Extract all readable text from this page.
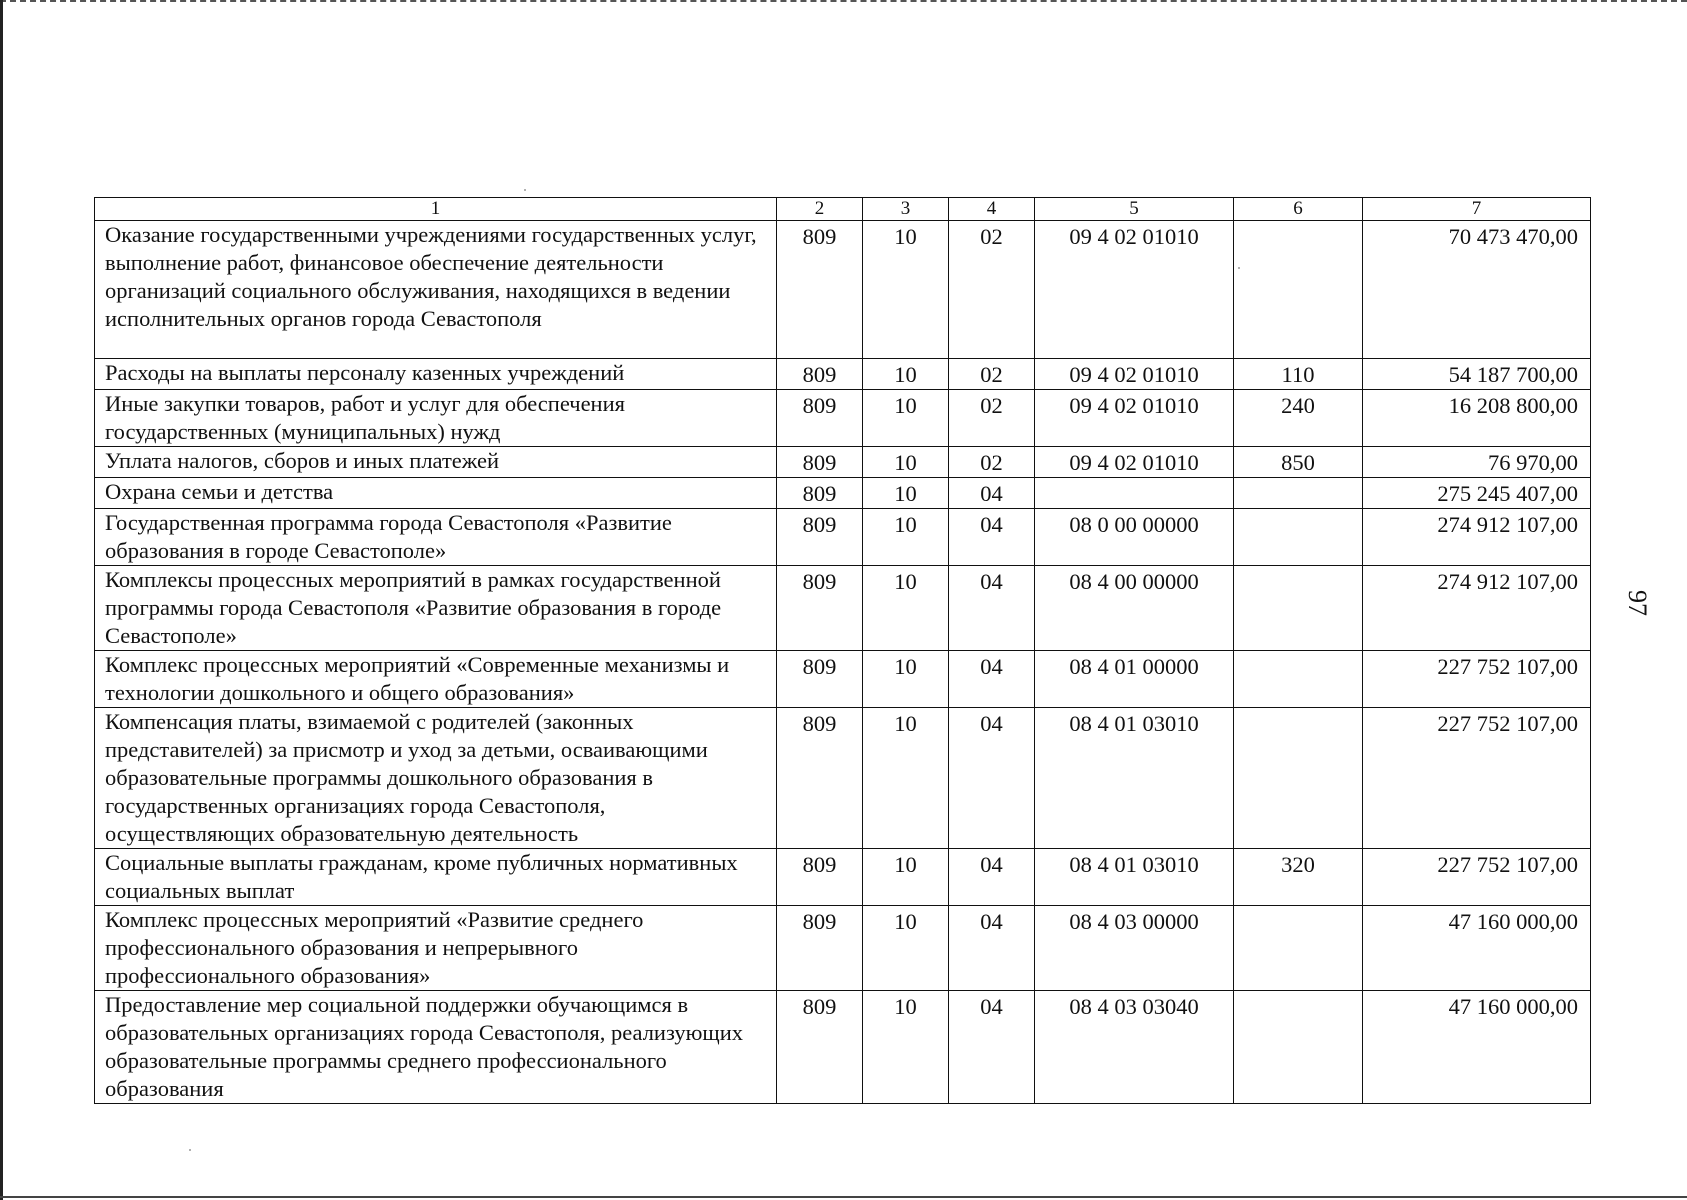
97
1	2	3	4	5	6	7
Оказание государственными учреждениями государственных услуг, выполнение работ, финансовое обеспечение деятельности организаций социального обслуживания, находящихся в ведении исполнительных органов города Севастополя	809	10	02	09 4 02 01010		70 473 470,00
Расходы на выплаты персоналу казенных учреждений	809	10	02	09 4 02 01010	110	54 187 700,00
Иные закупки товаров, работ и услуг для обеспечения государственных (муниципальных) нужд	809	10	02	09 4 02 01010	240	16 208 800,00
Уплата налогов, сборов и иных платежей	809	10	02	09 4 02 01010	850	76 970,00
Охрана семьи и детства	809	10	04			275 245 407,00
Государственная программа города Севастополя «Развитие образования в городе Севастополе»	809	10	04	08 0 00 00000		274 912 107,00
Комплексы процессных мероприятий в рамках государственной программы города Севастополя «Развитие образования в городе Севастополе»	809	10	04	08 4 00 00000		274 912 107,00
Комплекс процессных мероприятий «Современные механизмы и технологии дошкольного и общего образования»	809	10	04	08 4 01 00000		227 752 107,00
Компенсация платы, взимаемой с родителей (законных представителей) за присмотр и уход за детьми, осваивающими образовательные программы дошкольного образования в государственных организациях города Севастополя, осуществляющих образовательную деятельность	809	10	04	08 4 01 03010		227 752 107,00
Социальные выплаты гражданам, кроме публичных нормативных социальных выплат	809	10	04	08 4 01 03010	320	227 752 107,00
Комплекс процессных мероприятий «Развитие среднего профессионального образования и непрерывного профессионального образования»	809	10	04	08 4 03 00000		47 160 000,00
Предоставление мер социальной поддержки обучающимся в образовательных организациях города Севастополя, реализующих образовательные программы среднего профессионального образования	809	10	04	08 4 03 03040		47 160 000,00
